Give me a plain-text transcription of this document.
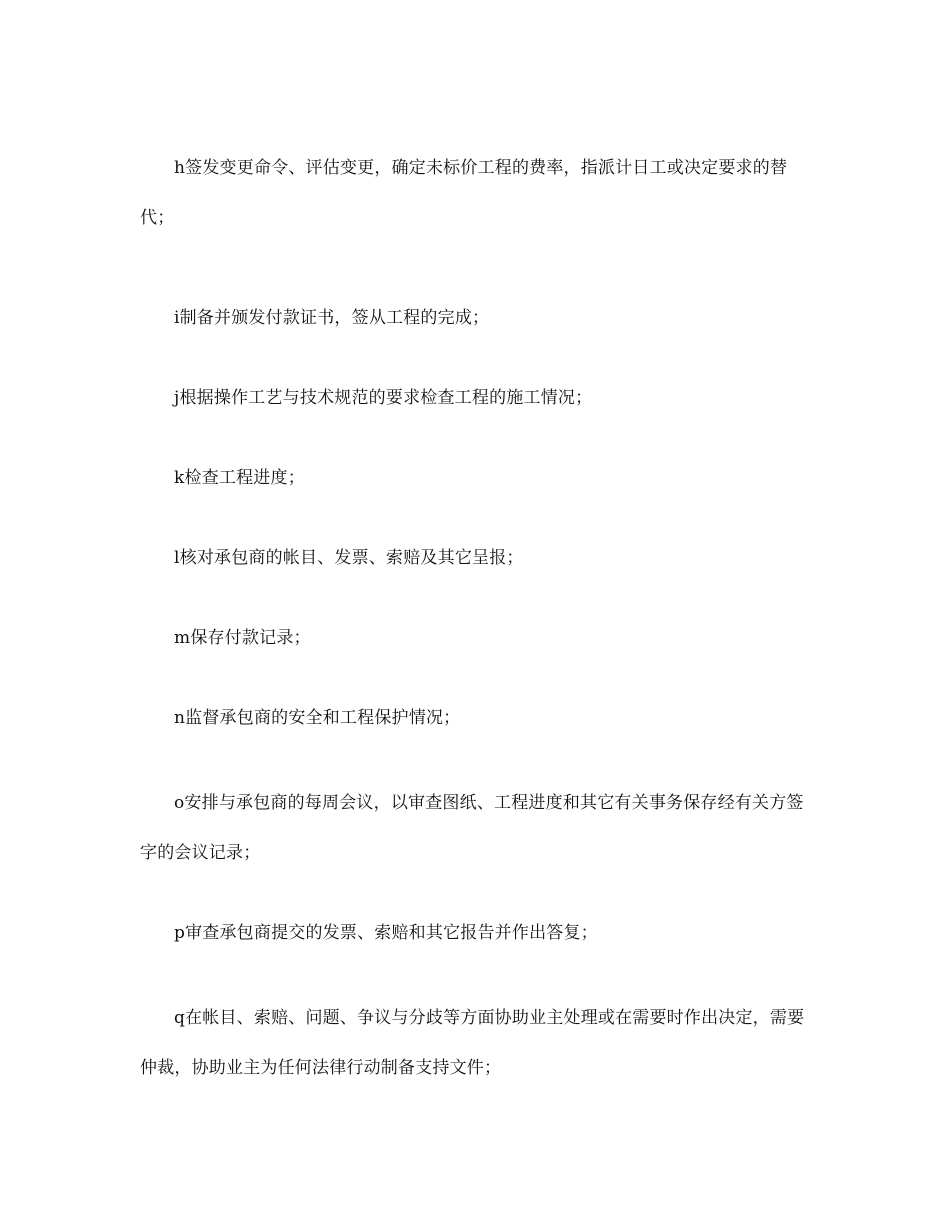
h签发变更命令、评估变更，确定未标价工程的费率，指派计日工或决定要求的替代；

i制备并颁发付款证书，签从工程的完成；

j根据操作工艺与技术规范的要求检查工程的施工情况；

k检查工程进度；

l核对承包商的帐目、发票、索赔及其它呈报；

m保存付款记录；

n监督承包商的安全和工程保护情况；

o安排与承包商的每周会议，以审查图纸、工程进度和其它有关事务保存经有关方签字的会议记录；

p审查承包商提交的发票、索赔和其它报告并作出答复；

q在帐目、索赔、问题、争议与分歧等方面协助业主处理或在需要时作出决定，需要仲裁，协助业主为任何法律行动制备支持文件；
